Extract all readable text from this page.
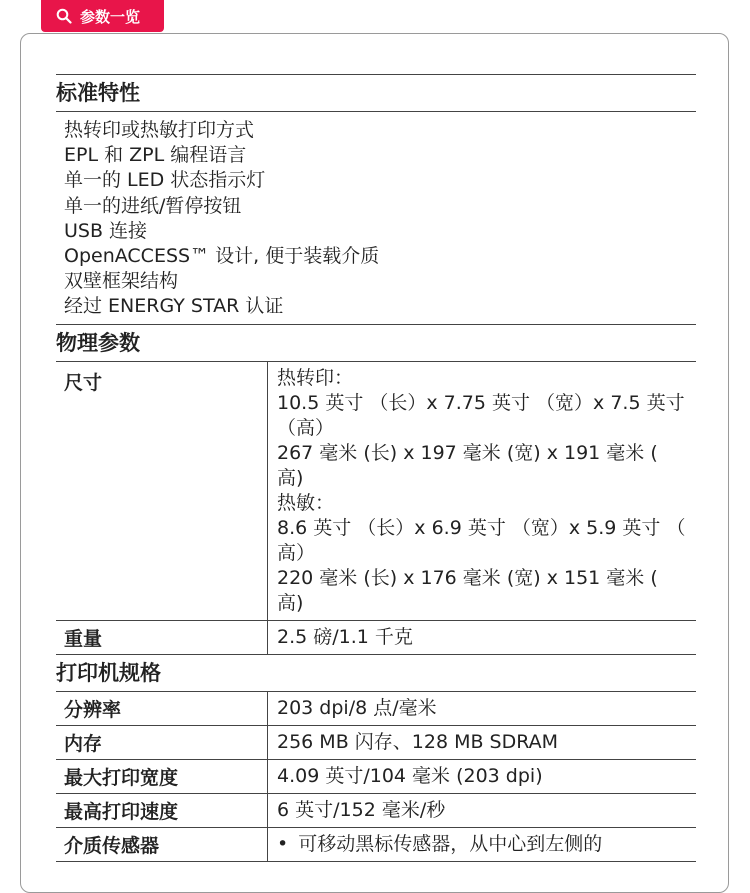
参数一览
标准特性
热转印或热敏打印方式
EPL 和 ZPL 编程语言
单一的 LED 状态指示灯
单一的进纸/暂停按钮
USB 连接
OpenACCESS™ 设计, 便于装载介质
双壁框架结构
经过 ENERGY STAR 认证
物理参数
尺寸	热转印：
10.5 英寸 （长）x 7.75 英寸 （宽）x 7.5 英寸
（高）
267 毫米 (长) x 197 毫米 (宽) x 191 毫米 (
高)
热敏：
8.6 英寸 （长）x 6.9 英寸 （宽）x 5.9 英寸 （
高）
220 毫米 (长) x 176 毫米 (宽) x 151 毫米 (
高)
重量	2.5 磅/1.1 千克
打印机规格
分辨率	203 dpi/8 点/毫米
内存	256 MB 闪存、128 MB SDRAM
最大打印宽度	4.09 英寸/104 毫米 (203 dpi)
最高打印速度	6 英寸/152 毫米/秒
介质传感器	• 可移动黑标传感器，从中心到左侧的
